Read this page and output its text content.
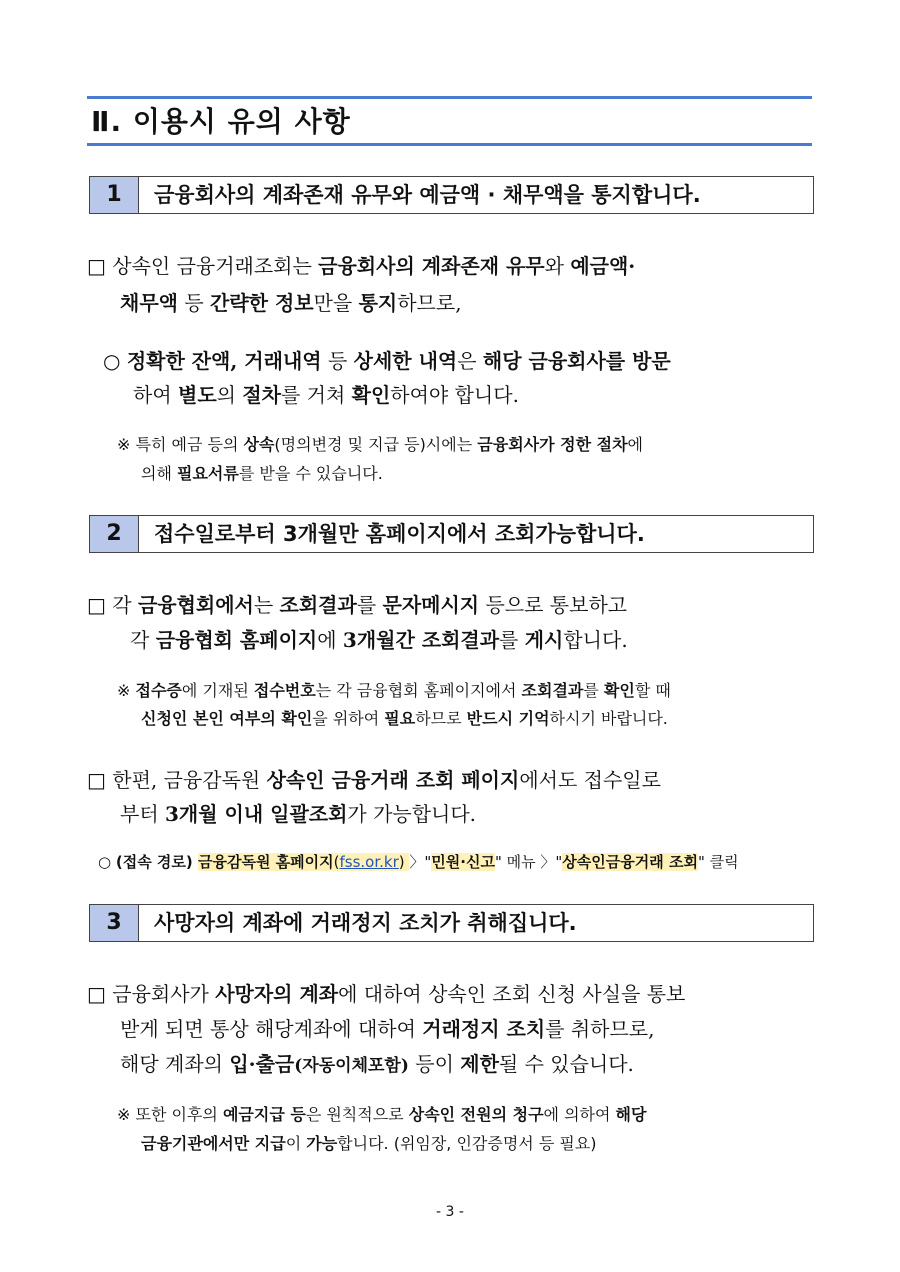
Ⅱ. 이용시 유의 사항
1	금융회사의 계좌존재 유무와 예금액 · 채무액을 통지합니다.
□ 상속인 금융거래조회는 금융회사의 계좌존재 유무와 예금액·
채무액 등 간략한 정보만을 통지하므로,
○ 정확한 잔액, 거래내역 등 상세한 내역은 해당 금융회사를 방문
하여 별도의 절차를 거쳐 확인하여야 합니다.
※ 특히 예금 등의 상속(명의변경 및 지급 등)시에는 금융회사가 정한 절차에
의해 필요서류를 받을 수 있습니다.
2	접수일로부터 3개월만 홈페이지에서 조회가능합니다.
□ 각 금융협회에서는 조회결과를 문자메시지 등으로 통보하고
각 금융협회 홈페이지에 3개월간 조회결과를 게시합니다.
※ 접수증에 기재된 접수번호는 각 금융협회 홈페이지에서 조회결과를 확인할 때
신청인 본인 여부의 확인을 위하여 필요하므로 반드시 기억하시기 바랍니다.
□ 한편, 금융감독원 상속인 금융거래 조회 페이지에서도 접수일로
부터 3개월 이내 일괄조회가 가능합니다.
○ (접속 경로) 금융감독원 홈페이지(fss.or.kr) 〉"민원·신고" 메뉴 〉"상속인금융거래 조회" 클릭
3	사망자의 계좌에 거래정지 조치가 취해집니다.
□ 금융회사가 사망자의 계좌에 대하여 상속인 조회 신청 사실을 통보
받게 되면 통상 해당계좌에 대하여 거래정지 조치를 취하므로,
해당 계좌의 입·출금(자동이체포함) 등이 제한될 수 있습니다.
※ 또한 이후의 예금지급 등은 원칙적으로 상속인 전원의 청구에 의하여 해당
금융기관에서만 지급이 가능합니다. (위임장, 인감증명서 등 필요)
- 3 -
